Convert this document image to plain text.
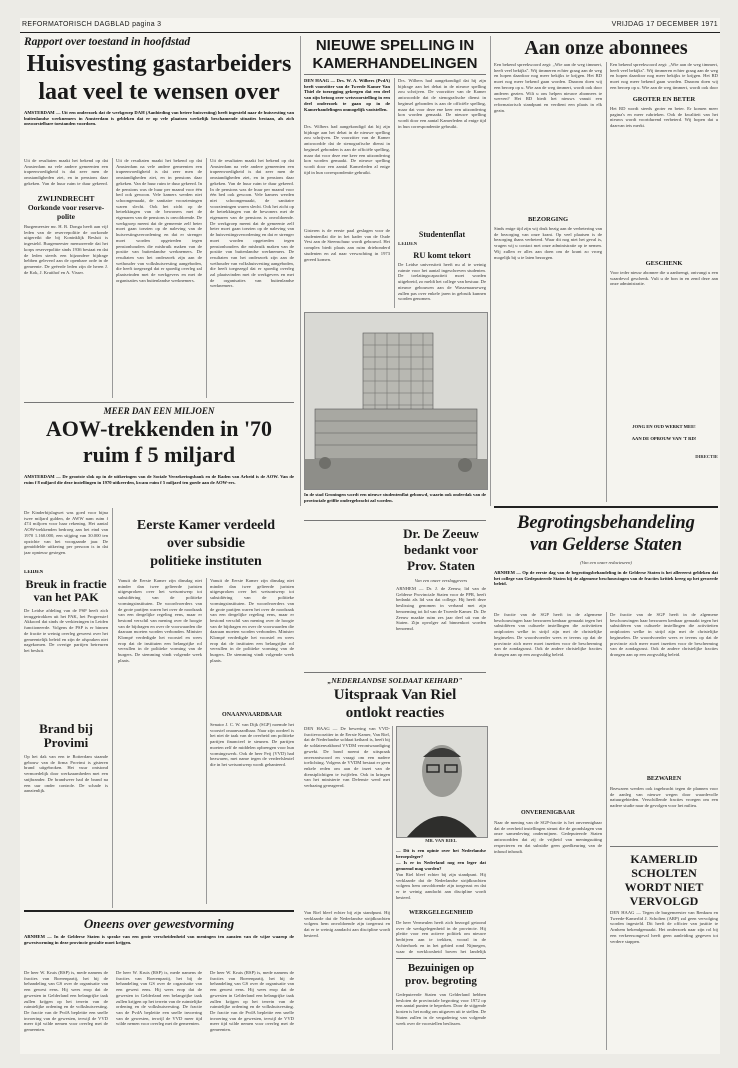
REFORMATORISCH DAGBLAD pagina 3	VRIJDAG 17 DECEMBER 1971
Rapport over toestand in hoofdstad
Huisvesting gastarbeiders
laat veel te wensen over
AMSTERDAM — Uit een onderzoek dat de werkgroep DAH (Aanbieding van betere huisvesting) heeft ingesteld naar de huisvesting van buitenlandse werknemers in Amsterdam is gebleken dat er op vele plaatsen werkelijk beschamende situaties bestaan, als zich onvoorstelbare toestanden voordoen.
Uit de resultaten maakt het bekend op dat Amsterdam na vele andere gemeenten een trapeenvoedigheid is dat zeer men de omstandigheden ziet, en in pensions daar gekeken. Van de huur ruim te duur gekeerd.
Uit de resultaten maakt het bekend op dat Amsterdam na vele andere gemeenten een trapeenvoedigheid is dat zeer men de omstandigheden ziet, en in pensions daar gekeken. Van de huur ruim te duur gekeerd. In de pensions was de huur per maand voor één bed ook gewoon. Vele kamers werden niet schoongemaakt, de sanitaire voorzieningen waren slecht. Ook het zicht op de betrekkingen van de bewoners met de eigenaren van de pensions is onvoldoende. De werkgroep meent dat de gemeente zelf beter moet gaan toezien op de naleving van de huisvestingsverordening en dat er strenger moet worden opgetreden tegen pensionhouders die misbruik maken van de positie van buitenlandse werknemers. De resultaten van het onderzoek zijn aan de wethouder van volkshuisvesting aangeboden, die heeft toegezegd dat er spoedig overleg zal plaatsvinden met de werkgevers en met de organisaties van buitenlandse werknemers.
Uit de resultaten maakt het bekend op dat Amsterdam na vele andere gemeenten een trapeenvoedigheid is dat zeer men de omstandigheden ziet, en in pensions daar gekeken. Van de huur ruim te duur gekeerd. In de pensions was de huur per maand voor één bed ook gewoon. Vele kamers werden niet schoongemaakt, de sanitaire voorzieningen waren slecht. Ook het zicht op de betrekkingen van de bewoners met de eigenaren van de pensions is onvoldoende. De werkgroep meent dat de gemeente zelf beter moet gaan toezien op de naleving van de huisvestingsverordening en dat er strenger moet worden opgetreden tegen pensionhouders die misbruik maken van de positie van buitenlandse werknemers. De resultaten van het onderzoek zijn aan de wethouder van volkshuisvesting aangeboden, die heeft toegezegd dat er spoedig overleg zal plaatsvinden met de werkgevers en met de organisaties van buitenlandse werknemers.
ZWIJNDRECHT Oorkonde voor reserve-polite
Burgemeester mr. H. B. Donga heeft aan vijf leden van de reservepolitie de oorkonde uitgereikt die bij Koninklijk Besluit is ingesteld. Burgemeester memoreerde dat het korps reservepolitie sinds 1936 bestaat en dat de leden steeds een bijzondere bijdrage hebben geleverd aan de openbare orde in de gemeente. De geëerde leden zijn de heren J. de Kok, J. Kruithof en A. Visser.
MEER DAN EEN MILJOEN
AOW-trekkenden in '70
ruim f 5 miljard
AMSTERDAM — De grootste slok op in de uitkeringen van de Sociale Verzekeringsbank en de Raden van Arbeid is de AOW. Van de ruim f 8 miljard die deze instellingen in 1970 uitkeerden, kwam ruim f 5 miljard ten goede aan de AOW-ers.
De Kinderbijslagwet was goed voor bijna twee miljard gulden, de AWW nam ruim f 474 miljoen voor haar rekening. Het aantal AOW-trekkenden bedroeg aan het eind van 1970 1.160.000, een stijging van 30.000 ten opzichte van het voorgaande jaar. De gemiddelde uitkering per persoon is in dat jaar opnieuw gestegen.
LEIDEN
Breuk in fractie van het PAK
De Leidse afdeling van de PSP heeft zich teruggetrokken uit het PAK, het Progressief Akkoord dat sinds de verkiezingen in Leiden functioneerde. Volgens de PSP is er binnen de fractie te weinig overleg geweest over het gemeentelijk beleid en zijn de afspraken niet nagekomen. De overige partijen betreuren het besluit.
Brand bij Provimi
Op het dak van een te Rotterdam staande gebouw van de firma Provimi is gisteren brand uitgebroken. Het vuur ontstond vermoedelijk door werkzaamheden met een snijbrander. De brandweer had de brand na een uur onder controle. De schade is aanzienlijk.
Eerste Kamer verdeeld
over subsidie
politieke instituten
Vanuit de Eerste Kamer zijn dinsdag niet minder dan twee gelieerde juristen uitgesproken over het wetsontwerp tot subsidiëring van de politieke vormingsinstituten. De woordvoerders van de grote partijen waren het over de noodzaak van een dergelijke regeling eens, maar er bestond verschil van mening over de hoogte van de bijdragen en over de voorwaarden die daaraan moeten worden verbonden. Minister Klompé verdedigde het voorstel en wees erop dat de instituten een belangrijke rol vervullen in de politieke vorming van de burgers. De stemming vindt volgende week plaats.
Vanuit de Eerste Kamer zijn dinsdag niet minder dan twee gelieerde juristen uitgesproken over het wetsontwerp tot subsidiëring van de politieke vormingsinstituten. De woordvoerders van de grote partijen waren het over de noodzaak van een dergelijke regeling eens, maar er bestond verschil van mening over de hoogte van de bijdragen en over de voorwaarden die daaraan moeten worden verbonden. Minister Klompé verdedigde het voorstel en wees erop dat de instituten een belangrijke rol vervullen in de politieke vorming van de burgers. De stemming vindt volgende week plaats.
ONAANVAARDBAAR
Senator J. C. W. van Dijk (SGP) noemde het voorstel onaanvaardbaar. Naar zijn oordeel is het niet de taak van de overheid om politieke partijen financieel te steunen. De partijen moeten zelf de middelen opbrengen voor hun vormingswerk. Ook de heer Feij (VVD) had bezwaren, met name tegen de verdeelsleutel die in het wetsontwerp wordt gehanteerd.
Oneens over gewestvorming
ARNHEM — In de Gelderse Staten is sprake van een grote verscheidenheid van meningen ten aanzien van de wijze waarop de gewestvorming in deze provincie gestalte moet krijgen.
De heer W. Kruis (RSP) is, mede namens de fracties van Boerenpartij, het bij de behandeling van GS over de organisatie van een gewest eens. Hij wees erop dat de gewesten in Gelderland een belangrijke taak zullen krijgen op het terrein van de ruimtelijke ordening en de volkshuisvesting. De fractie van de PvdA bepleitte een snelle invoering van de gewesten, terwijl de VVD meer tijd wilde nemen voor overleg met de gemeenten.
De heer W. Kruis (RSP) is, mede namens de fracties van Boerenpartij, het bij de behandeling van GS over de organisatie van een gewest eens. Hij wees erop dat de gewesten in Gelderland een belangrijke taak zullen krijgen op het terrein van de ruimtelijke ordening en de volkshuisvesting. De fractie van de PvdA bepleitte een snelle invoering van de gewesten, terwijl de VVD meer tijd wilde nemen voor overleg met de gemeenten.
De heer W. Kruis (RSP) is, mede namens de fracties van Boerenpartij, het bij de behandeling van GS over de organisatie van een gewest eens. Hij wees erop dat de gewesten in Gelderland een belangrijke taak zullen krijgen op het terrein van de ruimtelijke ordening en de volkshuisvesting. De fractie van de PvdA bepleitte een snelle invoering van de gewesten, terwijl de VVD meer tijd wilde nemen voor overleg met de gemeenten.
NIEUWE SPELLING IN
KAMERHANDELINGEN
DEN HAAG — Drs. W. A. Wilbers (PvdA) heeft voorzitter van de Tweede Kamer Van Thiel de toezegging gekregen dat een deel van zijn betoog over wetsvoorstelling in een deel onderzoek te gaan op in de Kamerhandelingen onmogelijk vaststellen.
Drs. Wilbers had aangekondigd dat hij zijn bijdrage aan het debat in de nieuwe spelling zou schrijven. De voorzitter van de Kamer antwoordde dat de stenografische dienst in beginsel gebonden is aan de officiële spelling, maar dat voor deze ene keer een uitzondering kon worden gemaakt. De nieuwe spelling wordt door een aantal Kamerleden al enige tijd in hun correspondentie gebruikt.
Drs. Wilbers had aangekondigd dat hij zijn bijdrage aan het debat in de nieuwe spelling zou schrijven. De voorzitter van de Kamer antwoordde dat de stenografische dienst in beginsel gebonden is aan de officiële spelling, maar dat voor deze ene keer een uitzondering kon worden gemaakt. De nieuwe spelling wordt door een aantal Kamerleden al enige tijd in hun correspondentie gebruikt.
Studentenflat
Gisteren is de eerste paal geslagen voor de studentenflat die in het kader van de Oude Vest aan de Steenschuur wordt gebouwd. Het complex biedt plaats aan ruim driehonderd studenten en zal naar verwachting in 1973 gereed komen.
LEIDEN
RU komt tekort
De Leidse universiteit heeft nu al te weinig ruimte voor het aantal ingeschreven studenten. De toelatingscapaciteit moet worden uitgebreid, zo meldt het college van bestuur. De nieuwe gebouwen aan de Wassenaarseweg zullen pas over enkele jaren in gebruik kunnen worden genomen.
In de stad Groningen wordt een nieuwe studentenflat gebouwd, waarin ook onderdak van de provinciale griffie ondergebracht zal worden.
Dr. De Zeeuw
bedankt voor
Prov. Staten
Van een onzer verslaggevers
ARNHEM — Dr. J. de Zeeuw, lid van de Gelderse Provinciale Staten voor de PPR, heeft bedankt als lid van dat college. Hij heeft deze beslissing genomen in verband met zijn benoeming tot lid van de Tweede Kamer. Dr. De Zeeuw maakte ruim zes jaar deel uit van de Staten. Zijn opvolger zal binnenkort worden benoemd.
„NEDERLANDSE SOLDAAT KEIHARD"
Uitspraak Van Riel
ontlokt reacties
DEN HAAG — De bewering van VVD-fractievoorzitter in de Eerste Kamer, Van Riel, dat de Nederlandse soldaat keihard is, heeft bij de soldatenvakbond VVDM verontwaardiging gewekt. De bond noemt de uitspraak onverantwoord en vraagt om een nadere toelichting. Volgens de VVDM bestaat er geen enkele reden om aan de inzet van de dienstplichtigen te twijfelen. Ook in kringen van het ministerie van Defensie werd met verbazing gereageerd.
MR. VAN RIEL
— Dit is een opinie over het Nederlandse beroepsleger?
— Is er in Nederland nog een leger dat genoemd mag worden?
Van Riel bleef echter bij zijn standpunt. Hij verklaarde dat de Nederlandse strijdkrachten volgens hem onvoldoende zijn toegerust en dat er te weinig aandacht aan discipline wordt besteed.
Van Riel bleef echter bij zijn standpunt. Hij verklaarde dat de Nederlandse strijdkrachten volgens hem onvoldoende zijn toegerust en dat er te weinig aandacht aan discipline wordt besteed.
WERKGELEGENHEID
De heer Vermeulen heeft zich bezorgd getoond over de werkgelegenheid in de provincie. Hij pleitte voor een actieve politiek om nieuwe bedrijven aan te trekken, vooral in de Achterhoek en in het gebied rond Nijmegen, waar de werkloosheid boven het landelijk
Bezuinigen op prov. begroting
Gedeputeerde Staten van Gelderland hebben besloten de provinciale begroting voor 1972 op een aantal punten te beperken. Door de stijgende kosten is het nodig om uitgaven uit te stellen. De Staten zullen in de vergadering van volgende week over de voorstellen beslissen.
Aan onze abonnees
Een bekend spreekwoord zegt: ,,Wie aan de weg timmert, heeft veel bekijks". Wij timmeren echter graag aan de weg en hopen daardoor nog meer bekijks te krijgen. Het RD moet nog meer bekend gaan worden. Daarom doen wij een beroep op u. Wie aan de weg timmert, wordt ook door anderen gezien. Wilt u ons helpen nieuwe abonnees te werven? Het RD biedt het nieuws vanuit een reformatorisch standpunt en verdient een plaats in elk gezin.
BEZORGING
Sinds enige tijd zijn wij druk bezig aan de verbetering van de bezorging van onze krant. Op veel plaatsen is de bezorging thans verbeterd. Waar dit nog niet het geval is, vragen wij u contact met onze administratie op te nemen. Wij zullen er alles aan doen om de krant zo vroeg mogelijk bij u te laten bezorgen.
Een bekend spreekwoord zegt: ,,Wie aan de weg timmert, heeft veel bekijks". Wij timmeren echter graag aan de weg en hopen daardoor nog meer bekijks te krijgen. Het RD moet nog meer bekend gaan worden. Daarom doen wij een beroep op u. Wie aan de weg timmert, wordt ook door
GROTER EN BETER
Het RD wordt steeds groter en beter. Er komen meer pagina's en meer rubrieken. Ook de kwaliteit van het nieuws wordt voortdurend verbeterd. Wij hopen dat u daarvan iets merkt.
GESCHENK
Voor ieder nieuw abonnee die u aanbrengt, ontvangt u een waardevol geschenk. Vult u de bon in en zend deze aan onze administratie.
JONG EN OUD WERKT MEE!
AAN DE OPBOUW VAN 'T RD!
DIRECTIE
Begrotingsbehandeling
van Gelderse Staten
(Van een onzer redacteuren)
ARNHEM — Op de eerste dag van de begrotingsbehandeling in de Gelderse Staten is het allereerst gebleken dat het college van Gedeputeerde Staten bij de algemene beschouwingen van de fracties kritiek kreeg op het gevoerde beleid.
De fractie van de SGP heeft in de algemene beschouwingen haar bezwaren kenbaar gemaakt tegen het subsidiëren van culturele instellingen die activiteiten ontplooien welke in strijd zijn met de christelijke beginselen. De woordvoerder wees er tevens op dat de provincie zich meer moet inzetten voor de bescherming van de zondagsrust. Ook de andere christelijke fracties drongen aan op een zorgvuldig beleid.
ONVERENIGBAAR
Naar de mening van de SGP-fractie is het onverenigbaar dat de overheid instellingen steunt die de grondslagen van onze samenleving ondermijnen. Gedeputeerde Staten antwoordden dat zij de vrijheid van meningsuiting respecteren en dat subsidie geen goedkeuring van de inhoud inhoudt.
De fractie van de SGP heeft in de algemene beschouwingen haar bezwaren kenbaar gemaakt tegen het subsidiëren van culturele instellingen die activiteiten ontplooien welke in strijd zijn met de christelijke beginselen. De woordvoerder wees er tevens op dat de provincie zich meer moet inzetten voor de bescherming van de zondagsrust. Ook de andere christelijke fracties drongen aan op een zorgvuldig beleid.
BEZWAREN
Bezwaren werden ook ingebracht tegen de plannen voor de aanleg van nieuwe wegen door waardevolle natuurgebieden. Verschillende fracties vroegen om een nadere studie naar de gevolgen voor het milieu.
KAMERLID SCHOLTEN WORDT NIET VERVOLGD
DEN HAAG — Tegen de burgemeester van Renkum en Tweede-Kamerlid J. Scholten (ARP) zal geen vervolging worden ingesteld. Dit heeft de officier van justitie te Arnhem bekendgemaakt. Het onderzoek naar zijn rol bij een verkeersongeval heeft geen aanleiding gegeven tot verdere stappen.
